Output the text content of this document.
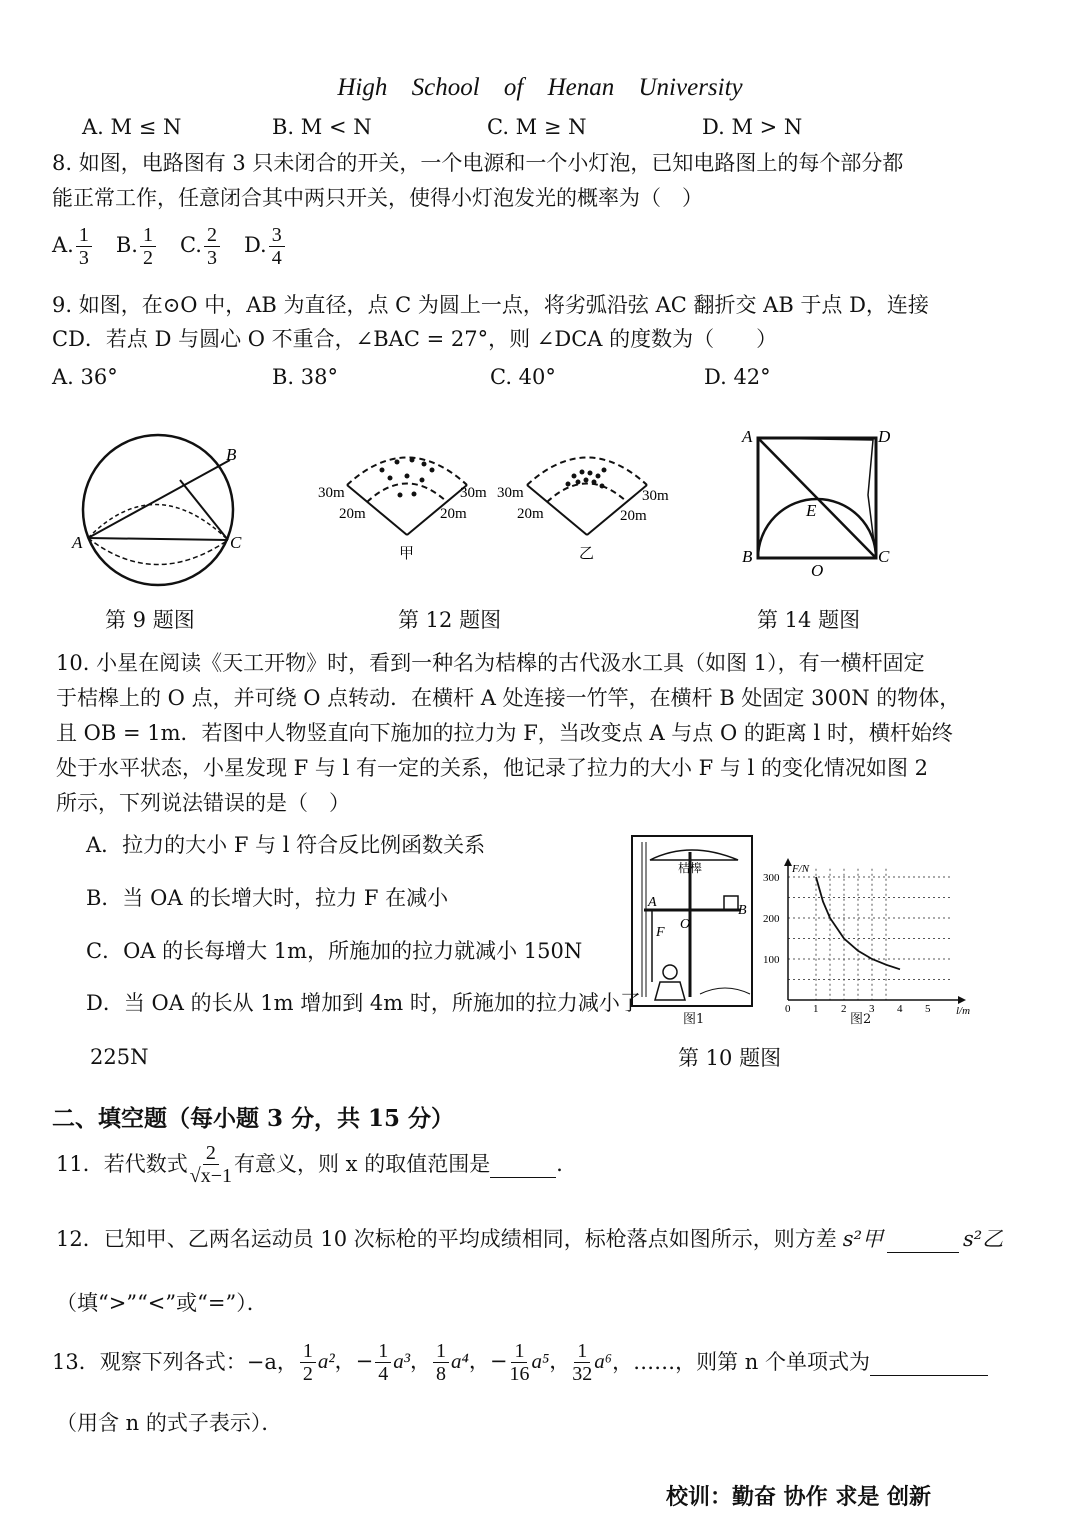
High School of Henan University
A. M ≤ N	B. M < N	C. M ≥ N	D. M > N
8. 如图，电路图有 3 只未闭合的开关，一个电源和一个小灯泡，已知电路图上的每个部分都
能正常工作，任意闭合其中两只开关，使得小灯泡发光的概率为（　）
A. $\frac{1}{3} B$. $\frac{1}{2} C$. $\frac{2}{3} D$. $\frac{3}{4}$
9. 如图，在⊙O 中，AB 为直径，点 C 为圆上一点，将劣弧沿弦 AC 翻折交 AB 于点 D，连接
CD．若点 D 与圆心 O 不重合，∠BAC = 27°，则 ∠DCA 的度数为（　　）
A. 36°	B. 38°	C. 40°	D. 42°
A
B
C
第 9 题图
30m
20m
30m
20m
甲
30m
20m
30m
20m
乙
第 12 题图
A	D
B	C
E
O
第 14 题图
10. 小星在阅读《天工开物》时，看到一种名为桔槔的古代汲水工具（如图 1），有一横杆固定
于桔槔上的 O 点，并可绕 O 点转动．在横杆 A 处连接一竹竿，在横杆 B 处固定 300N 的物体，
且 OB = 1m．若图中人物竖直向下施加的拉力为 F，当改变点 A 与点 O 的距离 l 时，横杆始终
处于水平状态，小星发现 F 与 l 有一定的关系，他记录了拉力的大小 F 与 l 的变化情况如图 2
所示，下列说法错误的是（　）
A．拉力的大小 F 与 l 符合反比例函数关系
B．当 OA 的长增大时，拉力 F 在减小
C．OA 的长每增大 1m，所施加的拉力就减小 150N
D．当 OA 的长从 1m 增加到 4m 时，所施加的拉力减小了
225N
桔槔
A
B
O
F
图1
F/N
l/m
0 1 2 3 4 5
100
200
300
图2
第 10 题图
二、填空题（每小题 3 分，共 15 分）
11．若代数式 $\frac{2}{√x-1}$ 有意义，则 x 的取值范围是	．
12．已知甲、乙两名运动员 10 次标枪的平均成绩相同，标枪落点如图所示，则方差 s²甲	s²乙
（填“>”“<”或“=”）．
13．观察下列各式：−a， $\frac{1}{2} a^2$， − $\frac{1}{4} a^3$， $\frac{1}{8} a^4$， − $\frac{1}{16} a^5$， $\frac{1}{32} a^6$ ，……，则第 n 个单项式为
（用含 n 的式子表示）．
校训：勤奋 协作 求是 创新
